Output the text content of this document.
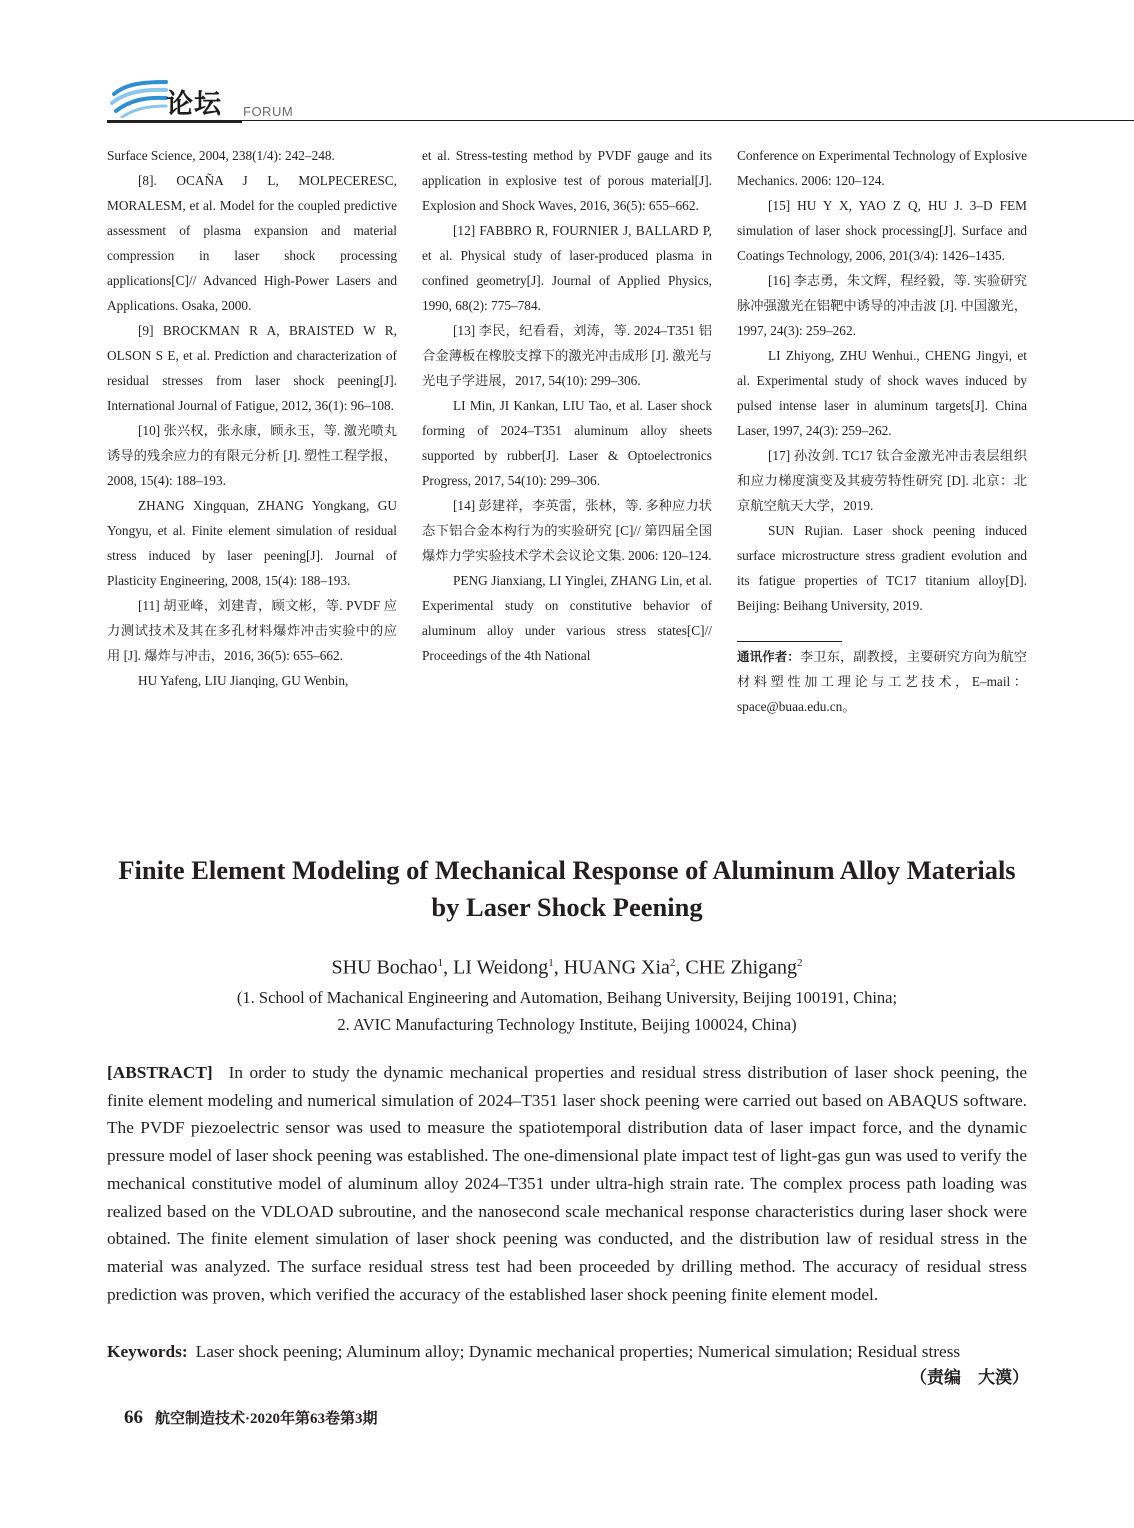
论坛 FORUM

Surface Science, 2004, 238(1/4): 242–248.

[8]. OCAÑA J L, MOLPECERESC, MORALESM, et al. Model for the coupled predictive assessment of plasma expansion and material compression in laser shock processing applications[C]// Advanced High-Power Lasers and Applications. Osaka, 2000.

[9] BROCKMAN R A, BRAISTED W R, OLSON S E, et al. Prediction and characterization of residual stresses from laser shock peening[J]. International Journal of Fatigue, 2012, 36(1): 96–108.

[10] 张兴权，张永康，顾永玉，等. 激光喷丸诱导的残余应力的有限元分析 [J]. 塑性工程学报，2008, 15(4): 188–193.

ZHANG Xingquan, ZHANG Yongkang, GU Yongyu, et al. Finite element simulation of residual stress induced by laser peening[J]. Journal of Plasticity Engineering, 2008, 15(4): 188–193.

[11] 胡亚峰，刘建青，顾文彬，等. PVDF 应力测试技术及其在多孔材料爆炸冲击实验中的应用 [J]. 爆炸与冲击，2016, 36(5): 655–662.

HU Yafeng, LIU Jianqing, GU Wenbin,

et al. Stress-testing method by PVDF gauge and its application in explosive test of porous material[J]. Explosion and Shock Waves, 2016, 36(5): 655–662.

[12] FABBRO R, FOURNIER J, BALLARD P, et al. Physical study of laser-produced plasma in confined geometry[J]. Journal of Applied Physics, 1990, 68(2): 775–784.

[13] 李民，纪看看，刘涛，等. 2024–T351 铝合金薄板在橡胶支撑下的激光冲击成形 [J]. 激光与光电子学进展，2017, 54(10): 299–306.

LI Min, JI Kankan, LIU Tao, et al. Laser shock forming of 2024–T351 aluminum alloy sheets supported by rubber[J]. Laser & Optoelectronics Progress, 2017, 54(10): 299–306.

[14] 彭建祥，李英雷，张林，等. 多种应力状态下铝合金本构行为的实验研究 [C]// 第四届全国爆炸力学实验技术学术会议论文集. 2006: 120–124.

PENG Jianxiang, LI Yinglei, ZHANG Lin, et al. Experimental study on constitutive behavior of aluminum alloy under various stress states[C]// Proceedings of the 4th National

Conference on Experimental Technology of Explosive Mechanics. 2006: 120–124.

[15] HU Y X, YAO Z Q, HU J. 3–D FEM simulation of laser shock processing[J]. Surface and Coatings Technology, 2006, 201(3/4): 1426–1435.

[16] 李志勇，朱文辉，程经毅，等. 实验研究脉冲强激光在铝靶中诱导的冲击波 [J]. 中国激光，1997, 24(3): 259–262.

LI Zhiyong, ZHU Wenhui., CHENG Jingyi, et al. Experimental study of shock waves induced by pulsed intense laser in aluminum targets[J]. China Laser, 1997, 24(3): 259–262.

[17] 孙汝剑. TC17 钛合金激光冲击表层组织和应力梯度演变及其疲劳特性研究 [D]. 北京：北京航空航天大学，2019.

SUN Rujian. Laser shock peening induced surface microstructure stress gradient evolution and its fatigue properties of TC17 titanium alloy[D]. Beijing: Beihang University, 2019.

通讯作者：李卫东，副教授，主要研究方向为航空材料塑性加工理论与工艺技术，E–mail：space@buaa.edu.cn。

Finite Element Modeling of Mechanical Response of Aluminum Alloy Materials
by Laser Shock Peening

SHU Bochao$^1$, LI Weidong$^1$, HUANG Xia$^2$, CHE Zhigang$^2$

(1. School of Machanical Engineering and Automation, Beihang University, Beijing 100191, China;
2. AVIC Manufacturing Technology Institute, Beijing 100024, China)

[ABSTRACT] In order to study the dynamic mechanical properties and residual stress distribution of laser shock peening, the finite element modeling and numerical simulation of 2024–T351 laser shock peening were carried out based on ABAQUS software. The PVDF piezoelectric sensor was used to measure the spatiotemporal distribution data of laser impact force, and the dynamic pressure model of laser shock peening was established. The one-dimensional plate impact test of light-gas gun was used to verify the mechanical constitutive model of aluminum alloy 2024–T351 under ultra-high strain rate. The complex process path loading was realized based on the VDLOAD subroutine, and the nanosecond scale mechanical response characteristics during laser shock were obtained. The finite element simulation of laser shock peening was conducted, and the distribution law of residual stress in the material was analyzed. The surface residual stress test had been proceeded by drilling method. The accuracy of residual stress prediction was proven, which verified the accuracy of the established laser shock peening finite element model.

Keywords: Laser shock peening; Aluminum alloy; Dynamic mechanical properties; Numerical simulation; Residual stress

（责编　大漠）

66 航空制造技术·2020年第63卷第3期
